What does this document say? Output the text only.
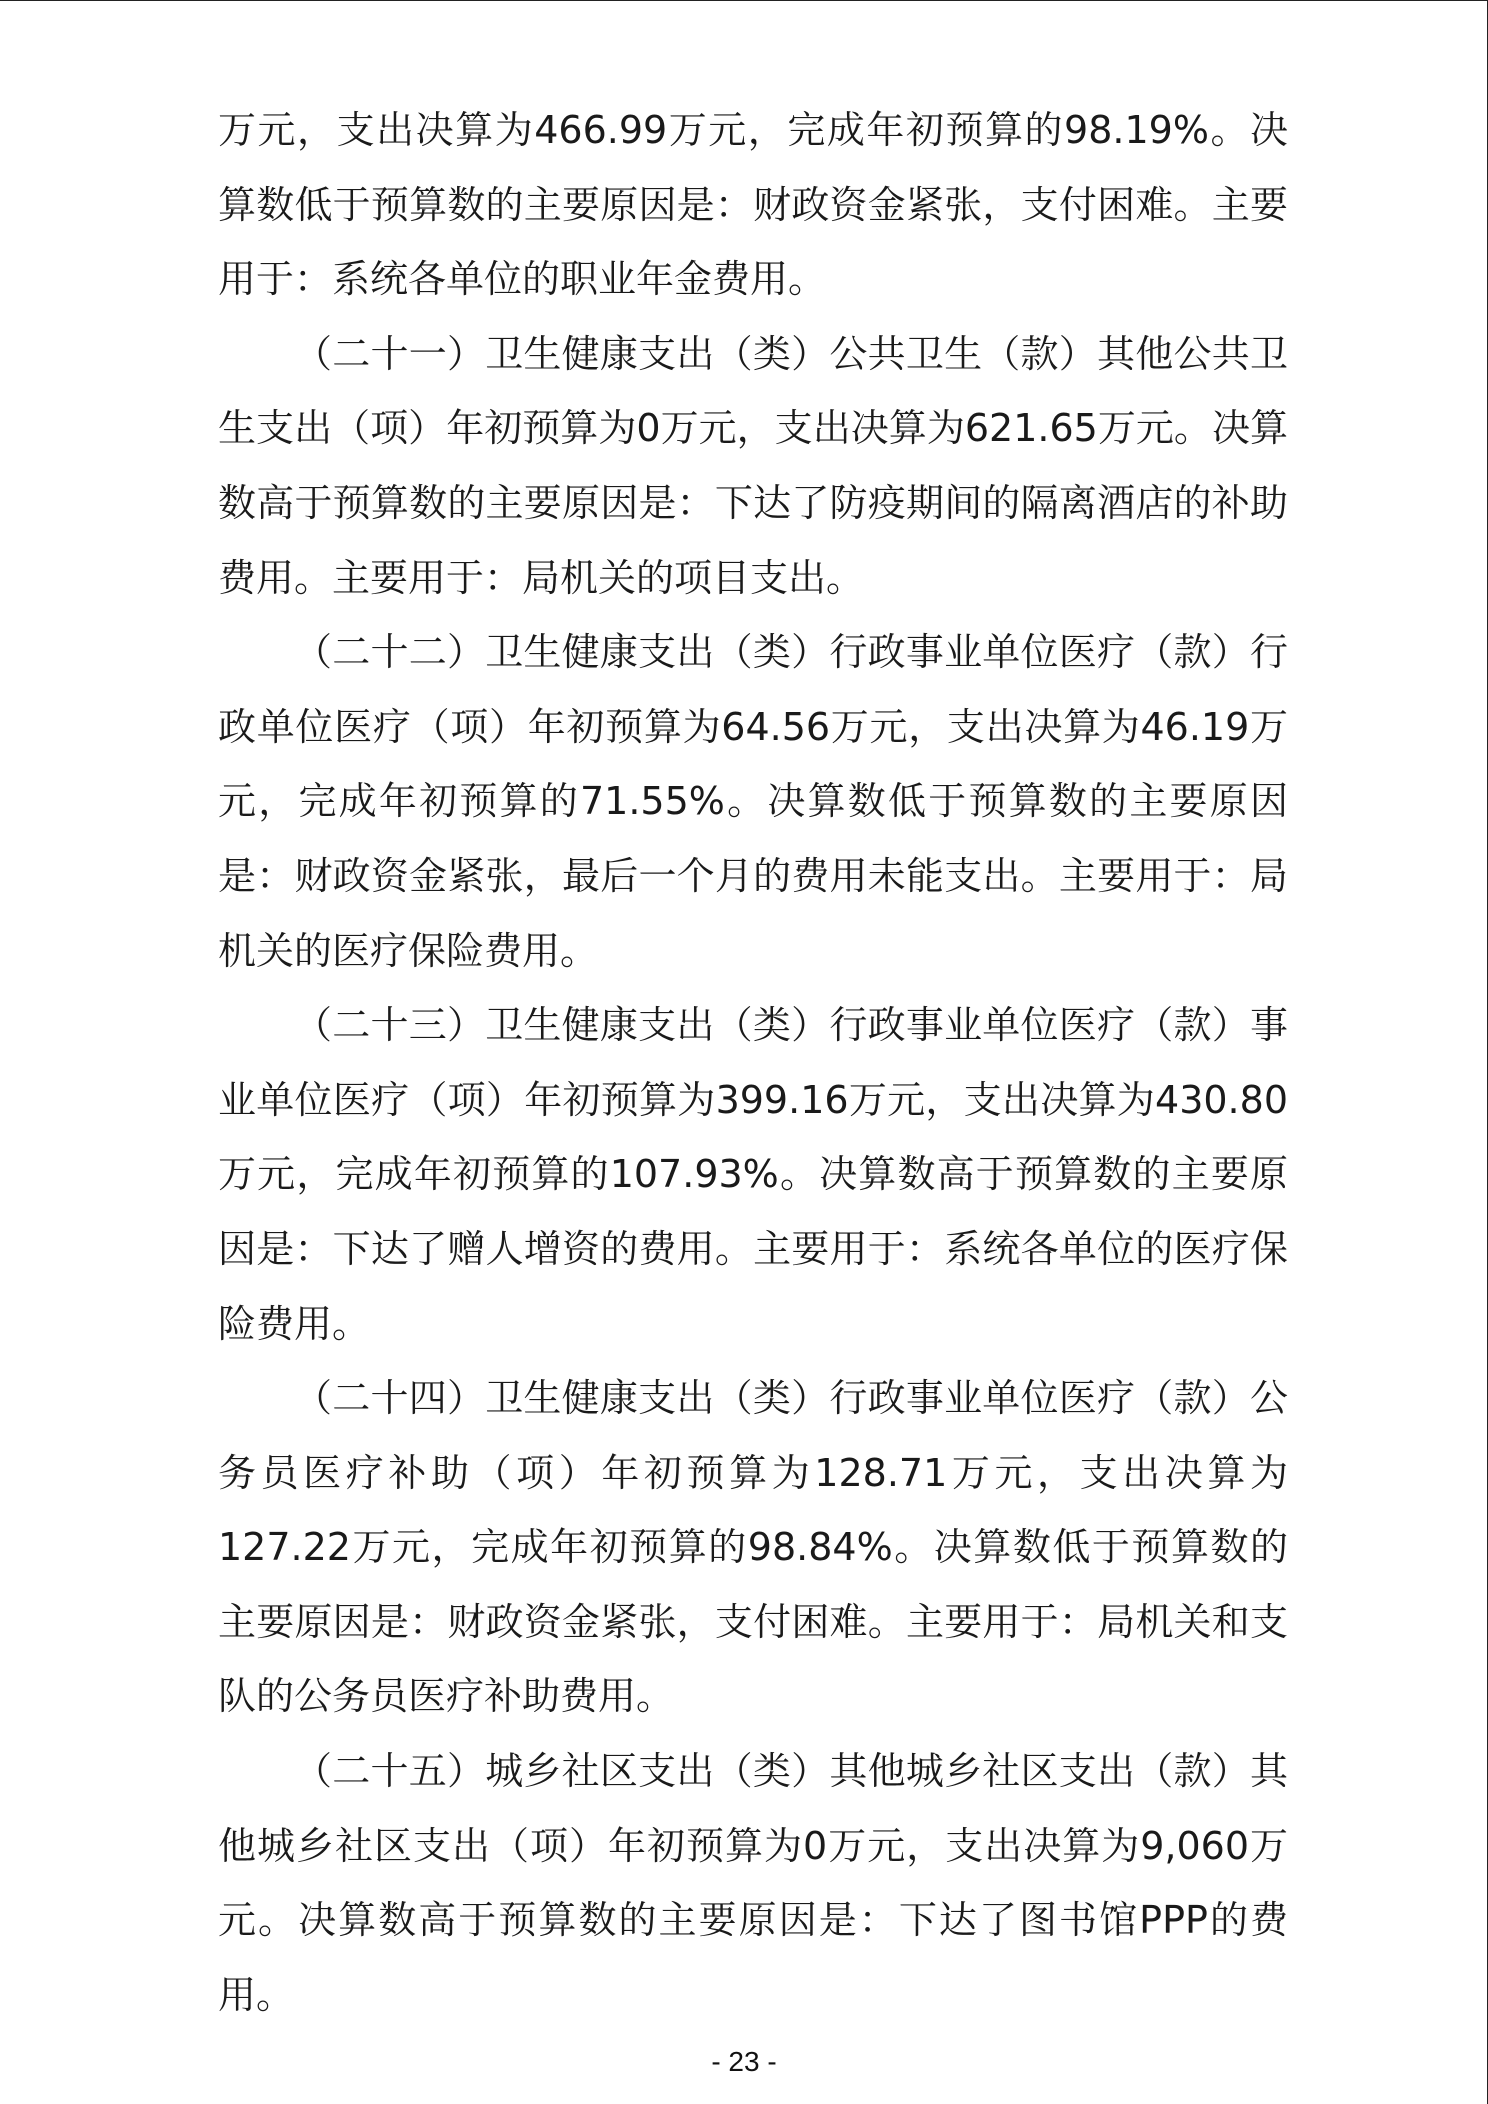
万元，支出决算为466.99万元，完成年初预算的98.19%。决算数低于预算数的主要原因是：财政资金紧张，支付困难。主要用于：系统各单位的职业年金费用。

（二十一）卫生健康支出（类）公共卫生（款）其他公共卫生支出（项）年初预算为0万元，支出决算为621.65万元。决算数高于预算数的主要原因是：下达了防疫期间的隔离酒店的补助费用。主要用于：局机关的项目支出。

（二十二）卫生健康支出（类）行政事业单位医疗（款）行政单位医疗（项）年初预算为64.56万元，支出决算为46.19万元，完成年初预算的71.55%。决算数低于预算数的主要原因是：财政资金紧张，最后一个月的费用未能支出。主要用于：局机关的医疗保险费用。

（二十三）卫生健康支出（类）行政事业单位医疗（款）事业单位医疗（项）年初预算为399.16万元，支出决算为430.80万元，完成年初预算的107.93%。决算数高于预算数的主要原因是：下达了赠人增资的费用。主要用于：系统各单位的医疗保险费用。

（二十四）卫生健康支出（类）行政事业单位医疗（款）公务员医疗补助（项）年初预算为128.71万元，支出决算为127.22万元，完成年初预算的98.84%。决算数低于预算数的主要原因是：财政资金紧张，支付困难。主要用于：局机关和支队的公务员医疗补助费用。

（二十五）城乡社区支出（类）其他城乡社区支出（款）其他城乡社区支出（项）年初预算为0万元，支出决算为9,060万元。决算数高于预算数的主要原因是：下达了图书馆PPP的费用。

- 23 -
